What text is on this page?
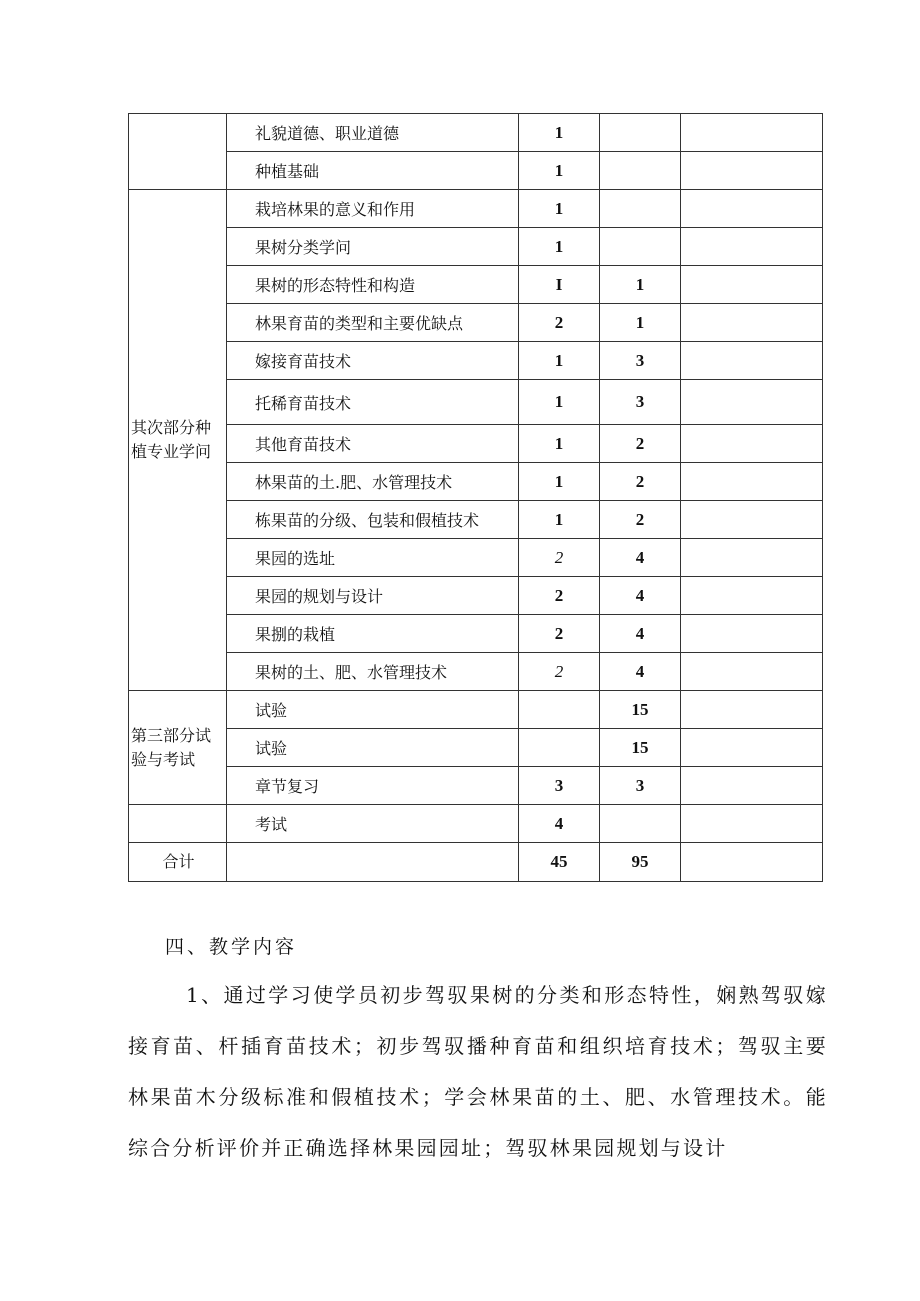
	礼貌道德、职业道德	1		
	种植基础	1		
其次部分种植专业学问	栽培林果的意义和作用	1		
	果树分类学问	1		
	果树的形态特性和构造	I	1	
	林果育苗的类型和主要优缺点	2	1	
	嫁接育苗技术	1	3	
	托稀育苗技术	1	3	
	其他育苗技术	1	2	
	林果苗的土.肥、水管理技术	1	2	
	栋果苗的分级、包装和假植技术	1	2	
	果园的选址	2	4	
	果园的规划与设计	2	4	
	果捌的栽植	2	4	
	果树的土、肥、水管理技术	2	4	
第三部分试验与考试	试验		15	
	试验		15	
	章节复习	3	3	
	考试	4		
合计		45	95	
四、教学内容
1、通过学习使学员初步驾驭果树的分类和形态特性，娴熟驾驭嫁接育苗、杆插育苗技术；初步驾驭播种育苗和组织培育技术；驾驭主要林果苗木分级标准和假植技术；学会林果苗的土、肥、水管理技术。能综合分析评价并正确选择林果园园址；驾驭林果园规划与设计
